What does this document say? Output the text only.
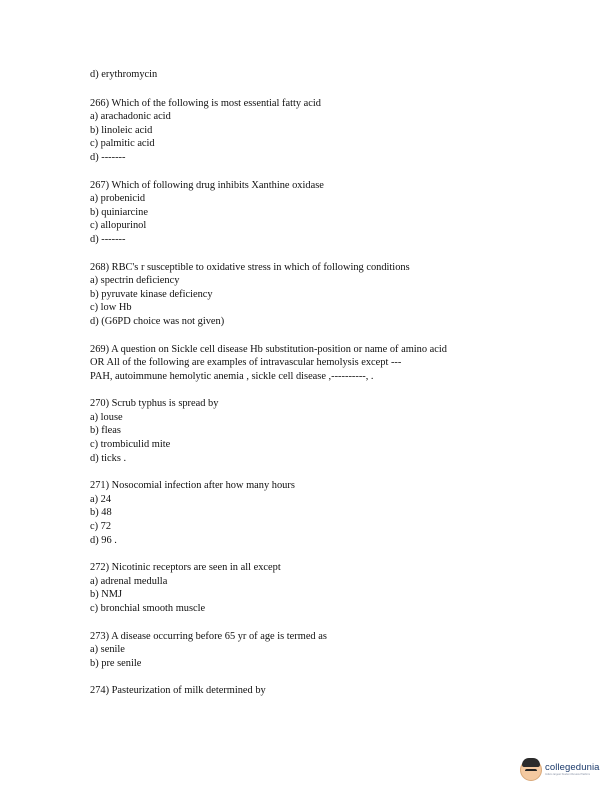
d) erythromycin
266) Which of the following is most essential fatty acid
a) arachadonic acid
b) linoleic acid
c) palmitic acid
d) -------
267) Which of following drug inhibits Xanthine oxidase
a) probenicid
b) quiniarcine
c) allopurinol
d) -------
268) RBC's r susceptible to oxidative stress in which of following conditions
a) spectrin deficiency
b) pyruvate kinase deficiency
c) low Hb
d) (G6PD choice was not given)
269) A question on Sickle cell disease Hb substitution-position or name of amino acid
OR All of the following are examples of intravascular hemolysis except ---
PAH, autoimmune hemolytic anemia , sickle cell disease ,----------, .
270) Scrub typhus is spread by
a) louse
b) fleas
c) trombiculid mite
d) ticks .
271) Nosocomial infection after how many hours
a) 24
b) 48
c) 72
d) 96 .
272) Nicotinic receptors are seen in all except
a) adrenal medulla
b) NMJ
c) bronchial smooth muscle
273) A disease occurring before 65 yr of age is termed as
a) senile
b) pre senile
274) Pasteurization of milk determined by
collegedunia
India's largest Student Review Platform
